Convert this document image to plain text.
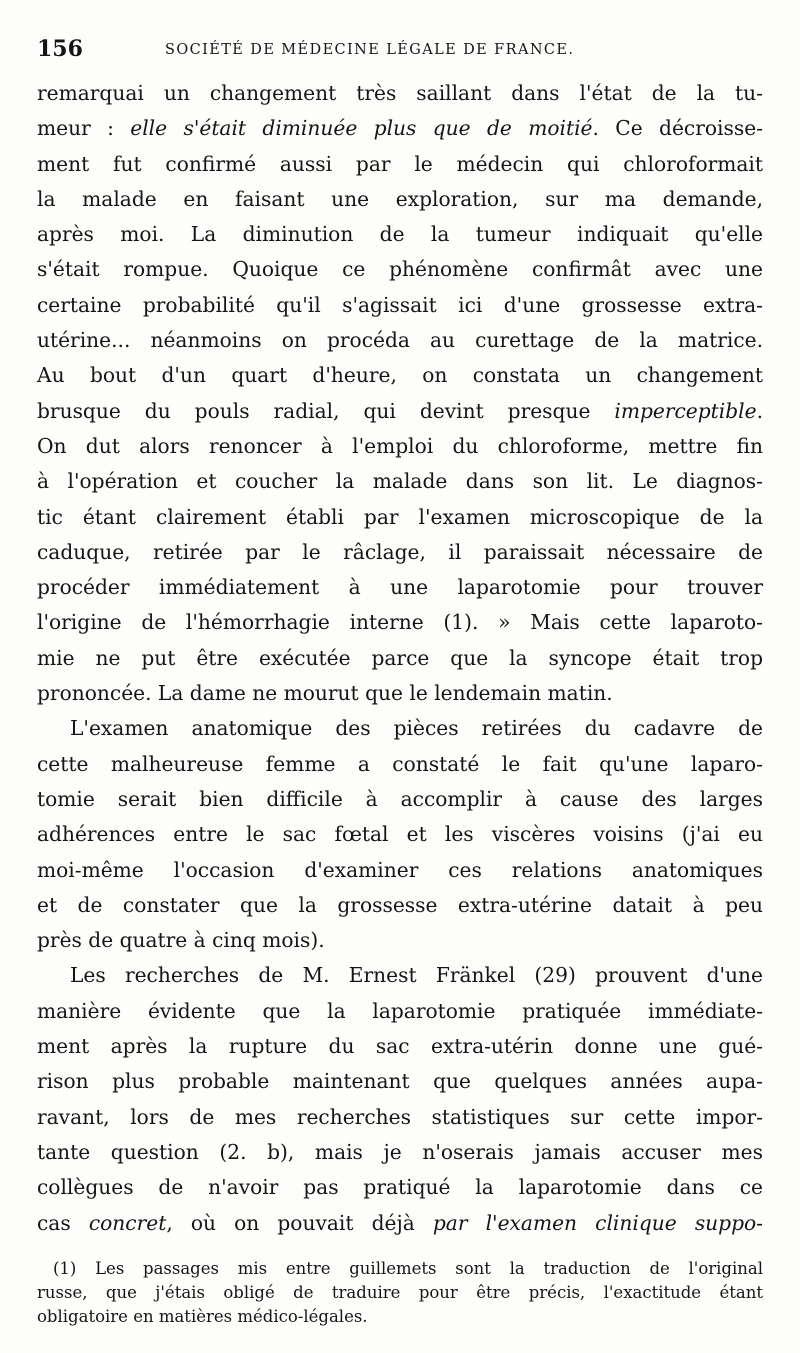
156	SOCIÉTÉ DE MÉDECINE LÉGALE DE FRANCE.
remarquai un changement très saillant dans l'état de la tu-
meur : elle s'était diminuée plus que de moitié. Ce décroisse-
ment fut confirmé aussi par le médecin qui chloroformait
la malade en faisant une exploration, sur ma demande,
après moi. La diminution de la tumeur indiquait qu'elle
s'était rompue. Quoique ce phénomène confirmât avec une
certaine probabilité qu'il s'agissait ici d'une grossesse extra-
utérine... néanmoins on procéda au curettage de la matrice.
Au bout d'un quart d'heure, on constata un changement
brusque du pouls radial, qui devint presque imperceptible.
On dut alors renoncer à l'emploi du chloroforme, mettre fin
à l'opération et coucher la malade dans son lit. Le diagnos-
tic étant clairement établi par l'examen microscopique de la
caduque, retirée par le râclage, il paraissait nécessaire de
procéder immédiatement à une laparotomie pour trouver
l'origine de l'hémorrhagie interne (1). » Mais cette laparoto-
mie ne put être exécutée parce que la syncope était trop
prononcée. La dame ne mourut que le lendemain matin.
L'examen anatomique des pièces retirées du cadavre de
cette malheureuse femme a constaté le fait qu'une laparo-
tomie serait bien difficile à accomplir à cause des larges
adhérences entre le sac fœtal et les viscères voisins (j'ai eu
moi-même l'occasion d'examiner ces relations anatomiques
et de constater que la grossesse extra-utérine datait à peu
près de quatre à cinq mois).
Les recherches de M. Ernest Fränkel (29) prouvent d'une
manière évidente que la laparotomie pratiquée immédiate-
ment après la rupture du sac extra-utérin donne une gué-
rison plus probable maintenant que quelques années aupa-
ravant, lors de mes recherches statistiques sur cette impor-
tante question (2. b), mais je n'oserais jamais accuser mes
collègues de n'avoir pas pratiqué la laparotomie dans ce
cas concret, où on pouvait déjà par l'examen clinique suppo-
(1) Les passages mis entre guillemets sont la traduction de l'original
russe, que j'étais obligé de traduire pour être précis, l'exactitude étant
obligatoire en matières médico-légales.
